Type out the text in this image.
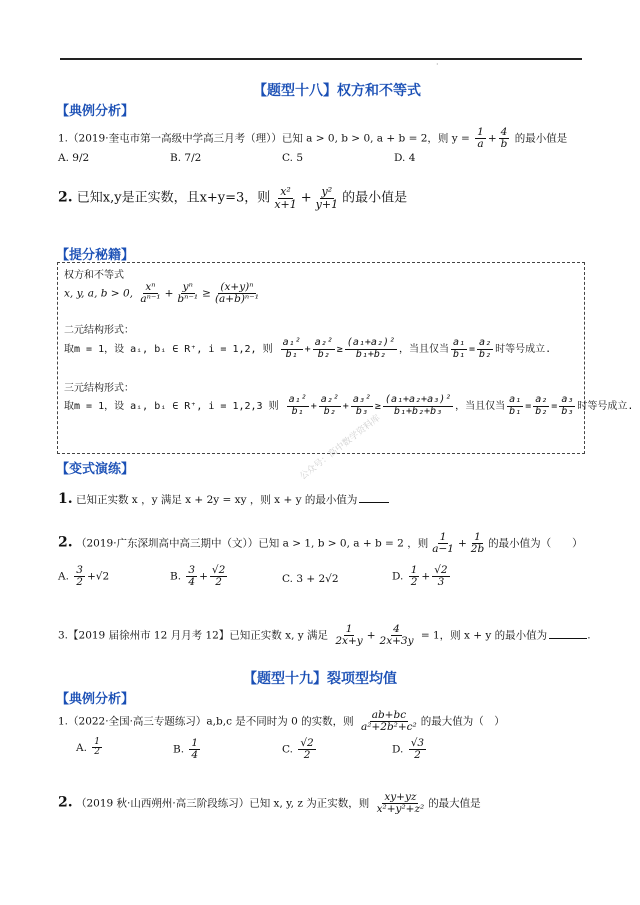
·
【题型十八】权方和不等式
【典例分析】
1.（2019·奎屯市第一高级中学高三月考（理））已知 a > 0, b > 0, a + b = 2，则 $y = \frac{1}{a} + \frac{4}{b}$ 的最小值是
A. 9/2	B. 7/2	C. 5	D. 4
2. 已知x,y是正实数，且x+y=3，则 $\frac{\text{x²}}{x+1} + \frac{\text{y²}}{y+1}$ 的最小值是
【提分秘籍】
权方和不等式
x, y, a, b > 0, $\frac{\text{xⁿ}}{\text{aⁿ⁻¹}} + \frac{\text{yⁿ}}{\text{bⁿ⁻¹}} \ge \frac{\text{(x+y)ⁿ}}{\text{(a+b)ⁿ⁻¹}}$
二元结构形式：
取m = 1，设 aᵢ, bᵢ ∈ R⁺, i = 1,2, 则 $\frac{\text{a₁²}}{\text{b₁}} + \frac{\text{a₂²}}{\text{b₂}} \ge \frac{\text{(a₁+a₂)²}}{\text{b₁+b₂}}$ ，当且仅当 $\frac{\text{a₁}}{\text{b₁}} = \frac{\text{a₂}}{\text{b₂}}$ 时等号成立.
三元结构形式：
取m = 1，设 aᵢ, bᵢ ∈ R⁺, i = 1,2,3 则 $\frac{\text{a₁²}}{\text{b₁}} + \frac{\text{a₂²}}{\text{b₂}} + \frac{\text{a₃²}}{\text{b₃}} \ge \frac{\text{(a₁+a₂+a₃)²}}{\text{b₁+b₂+b₃}}$ ，当且仅当 $\frac{\text{a₁}}{\text{b₁}} = \frac{\text{a₂}}{\text{b₂}} = \frac{\text{a₃}}{\text{b₃}}$ 时等号成立.
公众号：高中数学资料库
【变式演练】
1. 已知正实数 x ，y 满足 x + 2y = xy ，则 x + y 的最小值为
2. （2019·广东深圳高中高三期中（文））已知 a > 1, b > 0, a + b = 2 ，则 $\frac{1}{a-1} + \frac{1}{2b}$ 的最小值为（　　）
A. $\frac{3}{2} +√2$	B. $\frac{3}{4} + \frac{√2}{2}$	C. 3 + 2√2	D. $\frac{1}{2} + \frac{√2}{3}$
3.【2019 届徐州市 12 月月考 12】已知正实数 x, y 满足 $\frac{1}{2x+y} + \frac{4}{2x+3y} = 1$，则 x + y 的最小值为	.
【题型十九】裂项型均值
【典例分析】
1.（2022·全国·高三专题练习）a,b,c 是不同时为 0 的实数，则 $\frac{ab+bc}{\text{a²+2b²+c²}}$ 的最大值为（　）
A. $\frac{1}{2}$	B. $\frac{1}{4}$	C. $\frac{√2}{2}$	D. $\frac{√3}{2}$
2. （2019 秋·山西朔州·高三阶段练习）已知 x, y, z 为正实数，则 $\frac{xy+yz}{\text{x²+y²+z²}}$ 的最大值是
